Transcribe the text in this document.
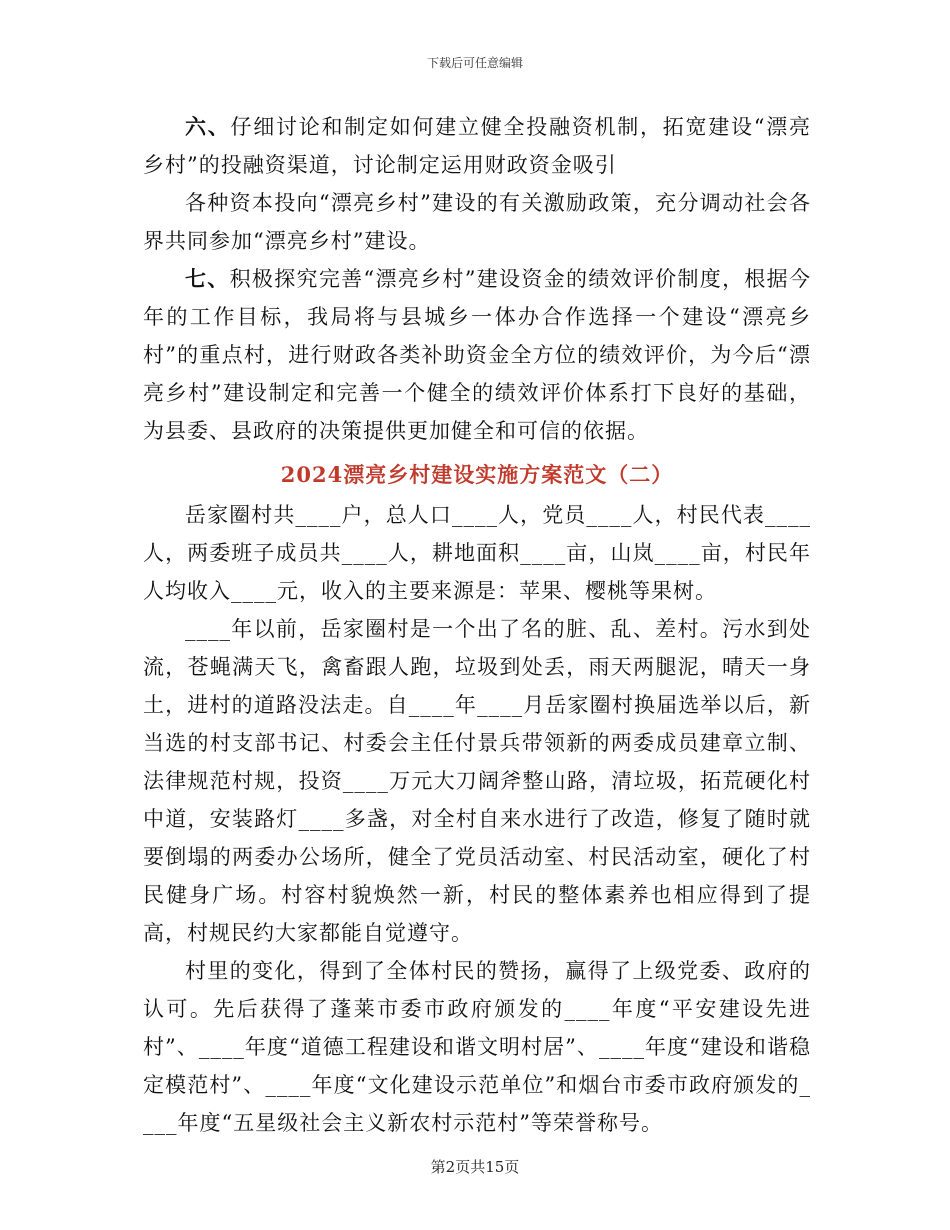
下载后可任意编辑

六、仔细讨论和制定如何建立健全投融资机制，拓宽建设“漂亮乡村”的投融资渠道，讨论制定运用财政资金吸引

各种资本投向“漂亮乡村”建设的有关激励政策，充分调动社会各界共同参加“漂亮乡村”建设。

七、积极探究完善“漂亮乡村”建设资金的绩效评价制度，根据今年的工作目标，我局将与县城乡一体办合作选择一个建设“漂亮乡村”的重点村，进行财政各类补助资金全方位的绩效评价，为今后“漂亮乡村”建设制定和完善一个健全的绩效评价体系打下良好的基础，为县委、县政府的决策提供更加健全和可信的依据。

2024漂亮乡村建设实施方案范文（二）

岳家圈村共____户，总人口____人，党员____人，村民代表____人，两委班子成员共____人，耕地面积____亩，山岚____亩，村民年人均收入____元，收入的主要来源是：苹果、樱桃等果树。

____年以前，岳家圈村是一个出了名的脏、乱、差村。污水到处流，苍蝇满天飞，禽畜跟人跑，垃圾到处丢，雨天两腿泥，晴天一身土，进村的道路没法走。自____年____月岳家圈村换届选举以后，新当选的村支部书记、村委会主任付景兵带领新的两委成员建章立制、法律规范村规，投资____万元大刀阔斧整山路，清垃圾，拓荒硬化村中道，安装路灯____多盏，对全村自来水进行了改造，修复了随时就要倒塌的两委办公场所，健全了党员活动室、村民活动室，硬化了村民健身广场。村容村貌焕然一新，村民的整体素养也相应得到了提高，村规民约大家都能自觉遵守。

村里的变化，得到了全体村民的赞扬，赢得了上级党委、政府的认可。先后获得了蓬莱市委市政府颁发的____年度“平安建设先进村”、____年度“道德工程建设和谐文明村居”、____年度“建设和谐稳定模范村”、____年度“文化建设示范单位”和烟台市委市政府颁发的____年度“五星级社会主义新农村示范村”等荣誉称号。

第2页共15页
